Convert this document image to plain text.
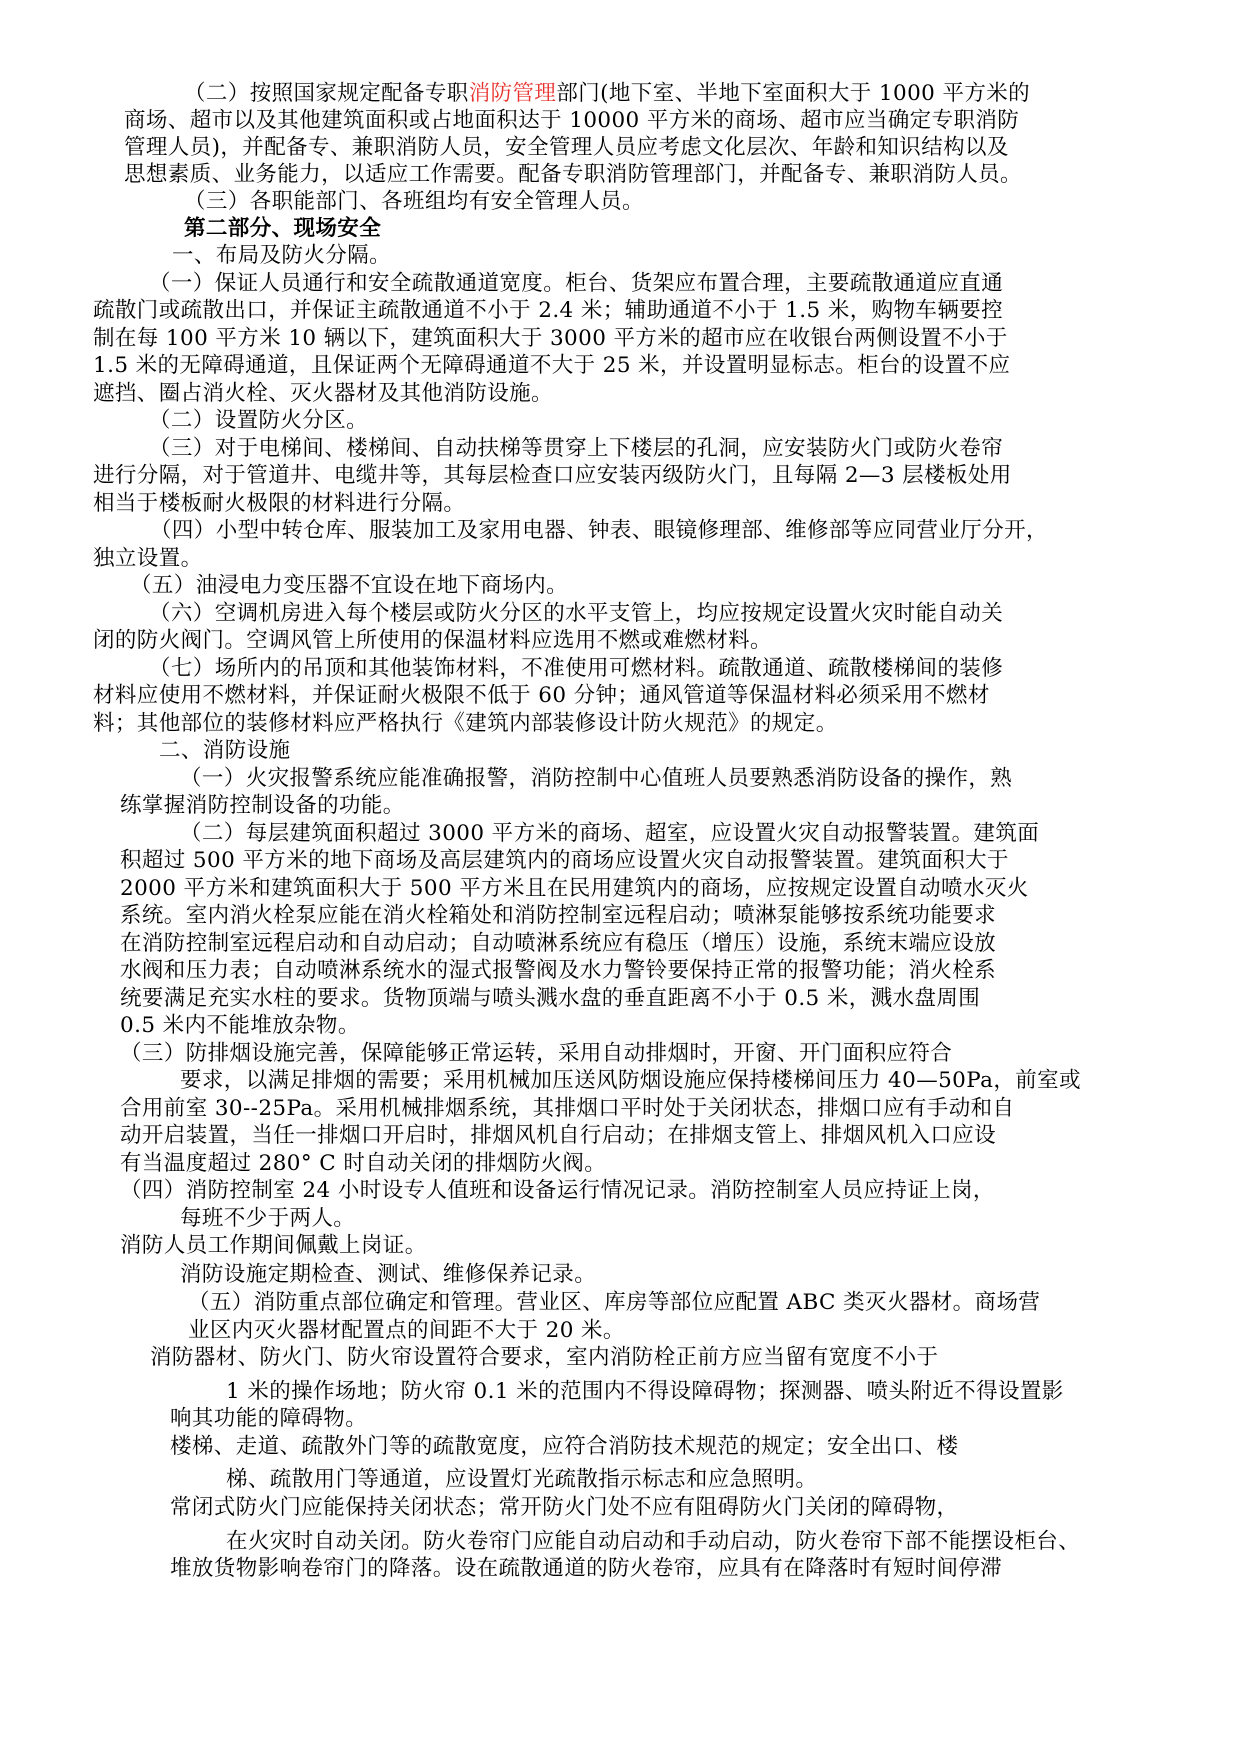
（二）按照国家规定配备专职消防管理部门(地下室、半地下室面积大于 1000 平方米的
商场、超市以及其他建筑面积或占地面积达于 10000 平方米的商场、超市应当确定专职消防
管理人员)，并配备专、兼职消防人员，安全管理人员应考虑文化层次、年龄和知识结构以及
思想素质、业务能力，以适应工作需要。配备专职消防管理部门，并配备专、兼职消防人员。
（三）各职能部门、各班组均有安全管理人员。
第二部分、现场安全
一、布局及防火分隔。
（一）保证人员通行和安全疏散通道宽度。柜台、货架应布置合理，主要疏散通道应直通
疏散门或疏散出口，并保证主疏散通道不小于 2.4 米；辅助通道不小于 1.5 米，购物车辆要控
制在每 100 平方米 10 辆以下，建筑面积大于 3000 平方米的超市应在收银台两侧设置不小于
1.5 米的无障碍通道，且保证两个无障碍通道不大于 25 米，并设置明显标志。柜台的设置不应
遮挡、圈占消火栓、灭火器材及其他消防设施。
（二）设置防火分区。
（三）对于电梯间、楼梯间、自动扶梯等贯穿上下楼层的孔洞，应安装防火门或防火卷帘
进行分隔，对于管道井、电缆井等，其每层检查口应安装丙级防火门，且每隔 2—3 层楼板处用
相当于楼板耐火极限的材料进行分隔。
（四）小型中转仓库、服装加工及家用电器、钟表、眼镜修理部、维修部等应同营业厅分开，
独立设置。
（五）油浸电力变压器不宜设在地下商场内。
（六）空调机房进入每个楼层或防火分区的水平支管上，均应按规定设置火灾时能自动关
闭的防火阀门。空调风管上所使用的保温材料应选用不燃或难燃材料。
（七）场所内的吊顶和其他装饰材料，不准使用可燃材料。疏散通道、疏散楼梯间的装修
材料应使用不燃材料，并保证耐火极限不低于 60 分钟；通风管道等保温材料必须采用不燃材
料；其他部位的装修材料应严格执行《建筑内部装修设计防火规范》的规定。
二、消防设施
（一）火灾报警系统应能准确报警，消防控制中心值班人员要熟悉消防设备的操作，熟
练掌握消防控制设备的功能。
（二）每层建筑面积超过 3000 平方米的商场、超室，应设置火灾自动报警装置。建筑面
积超过 500 平方米的地下商场及高层建筑内的商场应设置火灾自动报警装置。建筑面积大于
2000 平方米和建筑面积大于 500 平方米且在民用建筑内的商场，应按规定设置自动喷水灭火
系统。室内消火栓泵应能在消火栓箱处和消防控制室远程启动；喷淋泵能够按系统功能要求
在消防控制室远程启动和自动启动；自动喷淋系统应有稳压（增压）设施，系统末端应设放
水阀和压力表；自动喷淋系统水的湿式报警阀及水力警铃要保持正常的报警功能；消火栓系
统要满足充实水柱的要求。货物顶端与喷头溅水盘的垂直距离不小于 0.5 米，溅水盘周围
0.5 米内不能堆放杂物。
（三）防排烟设施完善，保障能够正常运转，采用自动排烟时，开窗、开门面积应符合
要求，以满足排烟的需要；采用机械加压送风防烟设施应保持楼梯间压力 40—50Pa，前室或
合用前室 30--25Pa。采用机械排烟系统，其排烟口平时处于关闭状态，排烟口应有手动和自
动开启装置，当任一排烟口开启时，排烟风机自行启动；在排烟支管上、排烟风机入口应设
有当温度超过 280° C 时自动关闭的排烟防火阀。
（四）消防控制室 24 小时设专人值班和设备运行情况记录。消防控制室人员应持证上岗，
每班不少于两人。
消防人员工作期间佩戴上岗证。
消防设施定期检查、测试、维修保养记录。
（五）消防重点部位确定和管理。营业区、库房等部位应配置 ABC 类灭火器材。商场营
业区内灭火器材配置点的间距不大于 20 米。
消防器材、防火门、防火帘设置符合要求，室内消防栓正前方应当留有宽度不小于
1 米的操作场地；防火帘 0.1 米的范围内不得设障碍物；探测器、喷头附近不得设置影
响其功能的障碍物。
楼梯、走道、疏散外门等的疏散宽度，应符合消防技术规范的规定；安全出口、楼
梯、疏散用门等通道，应设置灯光疏散指示标志和应急照明。
常闭式防火门应能保持关闭状态；常开防火门处不应有阻碍防火门关闭的障碍物，
在火灾时自动关闭。防火卷帘门应能自动启动和手动启动，防火卷帘下部不能摆设柜台、
堆放货物影响卷帘门的降落。设在疏散通道的防火卷帘，应具有在降落时有短时间停滞
